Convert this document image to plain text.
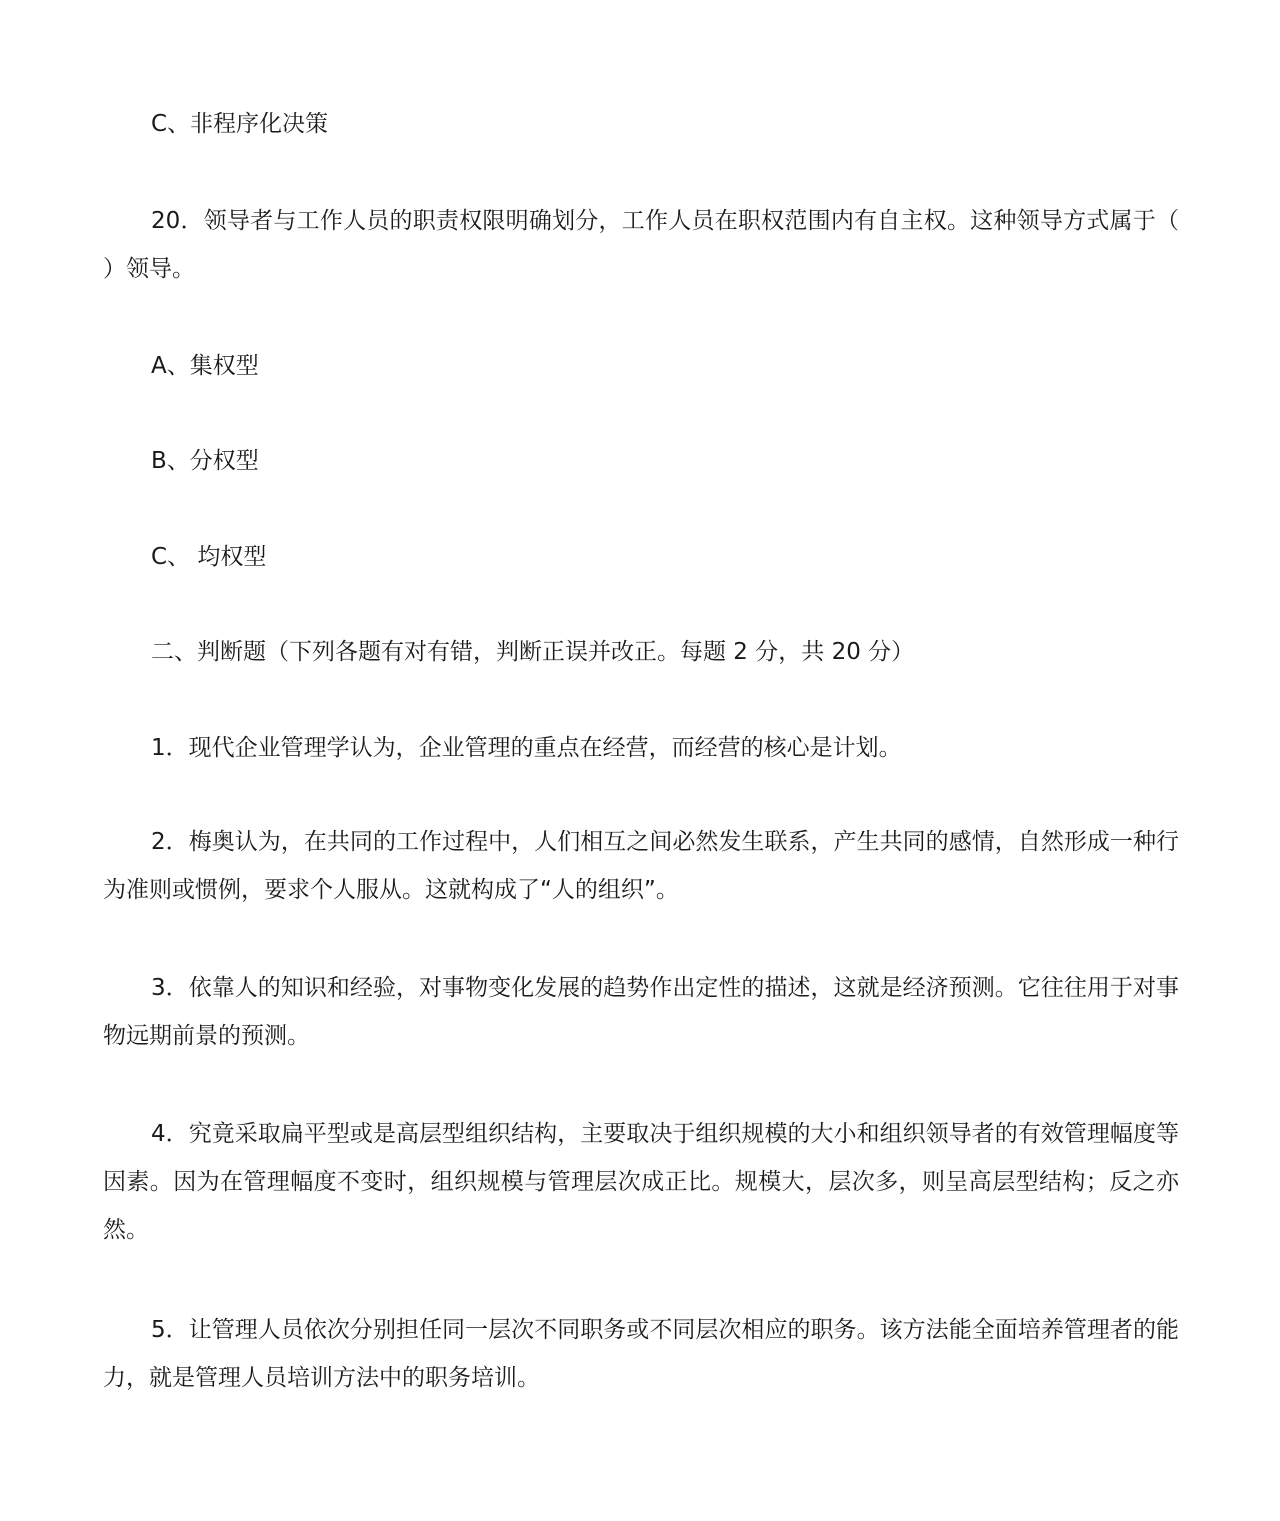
C、非程序化决策

20．领导者与工作人员的职责权限明确划分，工作人员在职权范围内有自主权。这种领导方式属于（ ）领导。

A、集权型

B、分权型

C、 均权型

二、判断题（下列各题有对有错，判断正误并改正。每题 2 分，共 20 分）

1．现代企业管理学认为，企业管理的重点在经营，而经营的核心是计划。

2．梅奥认为，在共同的工作过程中，人们相互之间必然发生联系，产生共同的感情，自然形成一种行为准则或惯例，要求个人服从。这就构成了“人的组织”。

3．依靠人的知识和经验，对事物变化发展的趋势作出定性的描述，这就是经济预测。它往往用于对事物远期前景的预测。

4．究竟采取扁平型或是高层型组织结构，主要取决于组织规模的大小和组织领导者的有效管理幅度等因素。因为在管理幅度不变时，组织规模与管理层次成正比。规模大，层次多，则呈高层型结构；反之亦然。

5．让管理人员依次分别担任同一层次不同职务或不同层次相应的职务。该方法能全面培养管理者的能力，就是管理人员培训方法中的职务培训。
